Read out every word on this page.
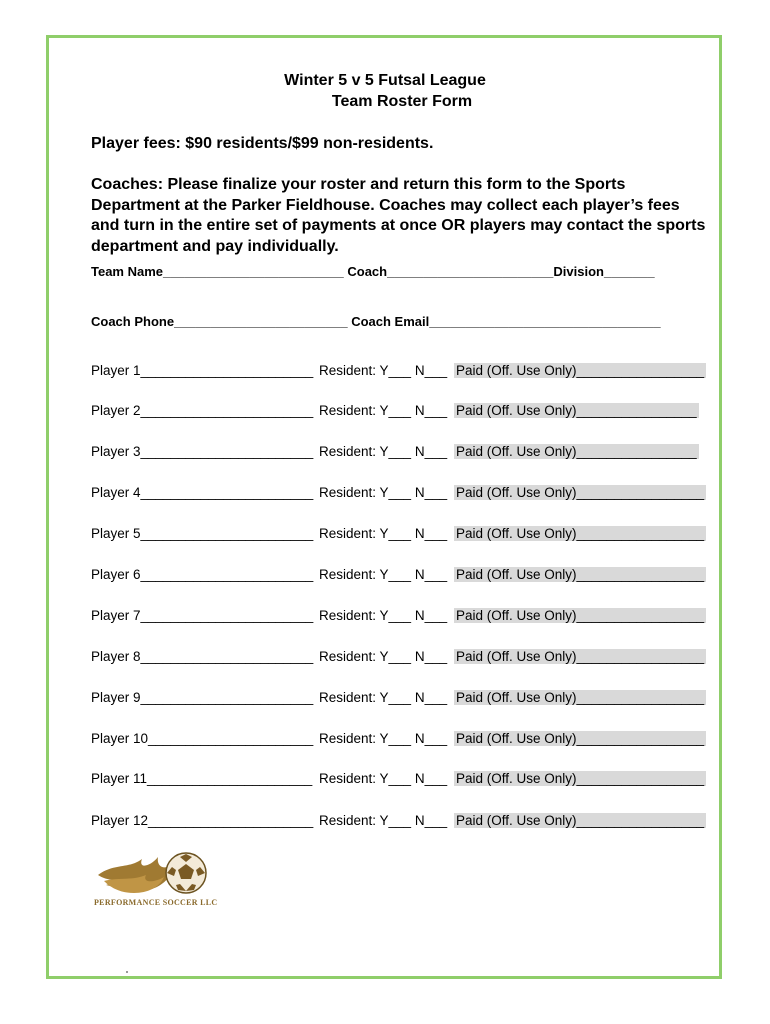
Winter 5 v 5 Futsal League
Team Roster Form
Player fees: $90 residents/$99 non-residents.
Coaches: Please finalize your roster and return this form to the Sports Department at the Parker Fieldhouse. Coaches may collect each player’s fees and turn in the entire set of payments at once OR players may contact the sports department and pay individually.
Team Name_________________________ Coach_______________________Division_______
Coach Phone________________________ Coach Email________________________________
Player 1_______________________ Resident: Y___ N___ Paid (Off. Use Only)_________________
Player 2_______________________ Resident: Y___ N___ Paid (Off. Use Only)________________
Player 3_______________________ Resident: Y___ N___ Paid (Off. Use Only)________________
Player 4_______________________ Resident: Y___ N___ Paid (Off. Use Only)_________________
Player 5_______________________ Resident: Y___ N___ Paid (Off. Use Only)_________________
Player 6_______________________ Resident: Y___ N___ Paid (Off. Use Only)_________________
Player 7_______________________ Resident: Y___ N___ Paid (Off. Use Only)_________________
Player 8_______________________ Resident: Y___ N___ Paid (Off. Use Only)_________________
Player 9_______________________ Resident: Y___ N___ Paid (Off. Use Only)_________________
Player 10______________________ Resident: Y___ N___ Paid (Off. Use Only)_________________
Player 11______________________ Resident: Y___ N___ Paid (Off. Use Only)_________________
Player 12______________________ Resident: Y___ N___ Paid (Off. Use Only)_________________
PERFORMANCE SOCCER LLC
